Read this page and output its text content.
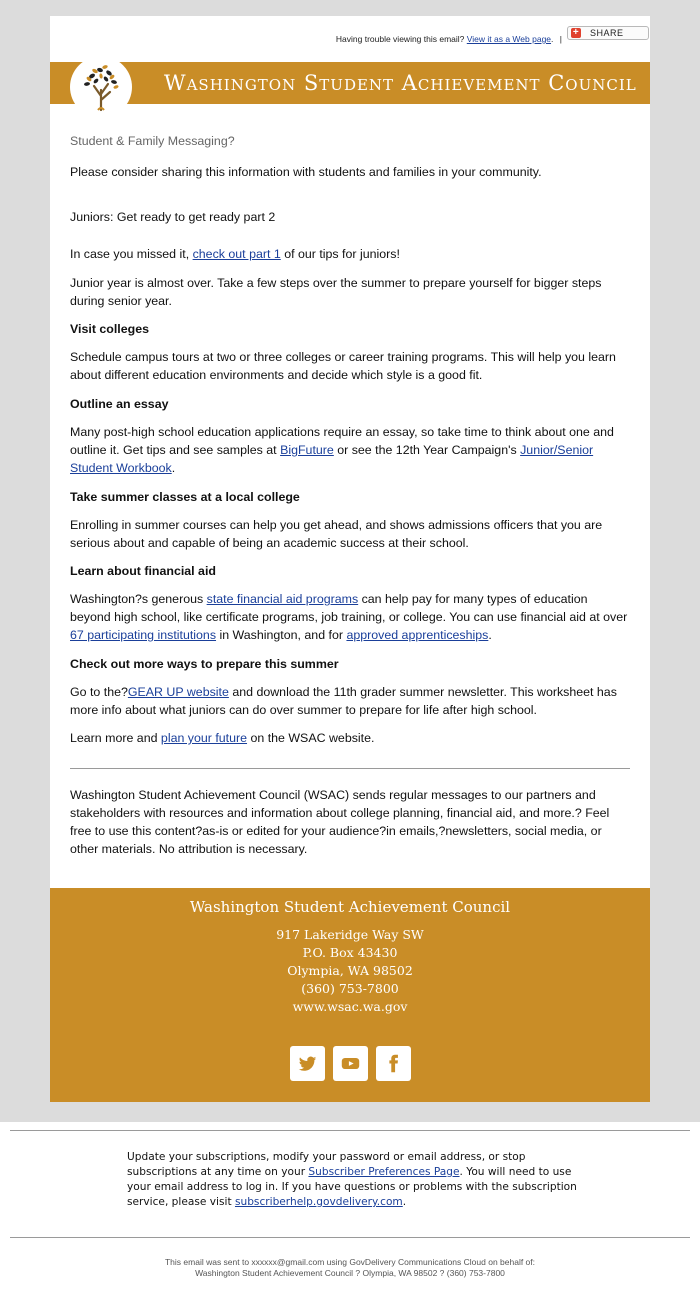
Having trouble viewing this email? View it as a Web page. |
+ SHARE
Washington Student Achievement Council

Student & Family Messaging?

Please consider sharing this information with students and families in your community.

Juniors: Get ready to get ready part 2

In case you missed it, check out part 1 of our tips for juniors!

Junior year is almost over. Take a few steps over the summer to prepare yourself for bigger steps during senior year.

Visit colleges

Schedule campus tours at two or three colleges or career training programs. This will help you learn about different education environments and decide which style is a good fit.

Outline an essay

Many post-high school education applications require an essay, so take time to think about one and outline it. Get tips and see samples at BigFuture or see the 12th Year Campaign's Junior/Senior Student Workbook.

Take summer classes at a local college

Enrolling in summer courses can help you get ahead, and shows admissions officers that you are serious about and capable of being an academic success at their school.

Learn about financial aid

Washington?s generous state financial aid programs can help pay for many types of education beyond high school, like certificate programs, job training, or college. You can use financial aid at over 67 participating institutions in Washington, and for approved apprenticeships.

Check out more ways to prepare this summer

Go to the?GEAR UP website and download the 11th grader summer newsletter. This worksheet has more info about what juniors can do over summer to prepare for life after high school.

Learn more and plan your future on the WSAC website.

Washington Student Achievement Council (WSAC) sends regular messages to our partners and stakeholders with resources and information about college planning, financial aid, and more.? Feel free to use this content?as-is or edited for your audience?in emails,?newsletters, social media, or other materials. No attribution is necessary.

Washington Student Achievement Council
917 Lakeridge Way SW
P.O. Box 43430
Olympia, WA 98502
(360) 753-7800
www.wsac.wa.gov
Update your subscriptions, modify your password or email address, or stop subscriptions at any time on your Subscriber Preferences Page. You will need to use your email address to log in. If you have questions or problems with the subscription service, please visit subscriberhelp.govdelivery.com.
This email was sent to xxxxxx@gmail.com using GovDelivery Communications Cloud on behalf of:
Washington Student Achievement Council ? Olympia, WA 98502 ? (360) 753-7800
